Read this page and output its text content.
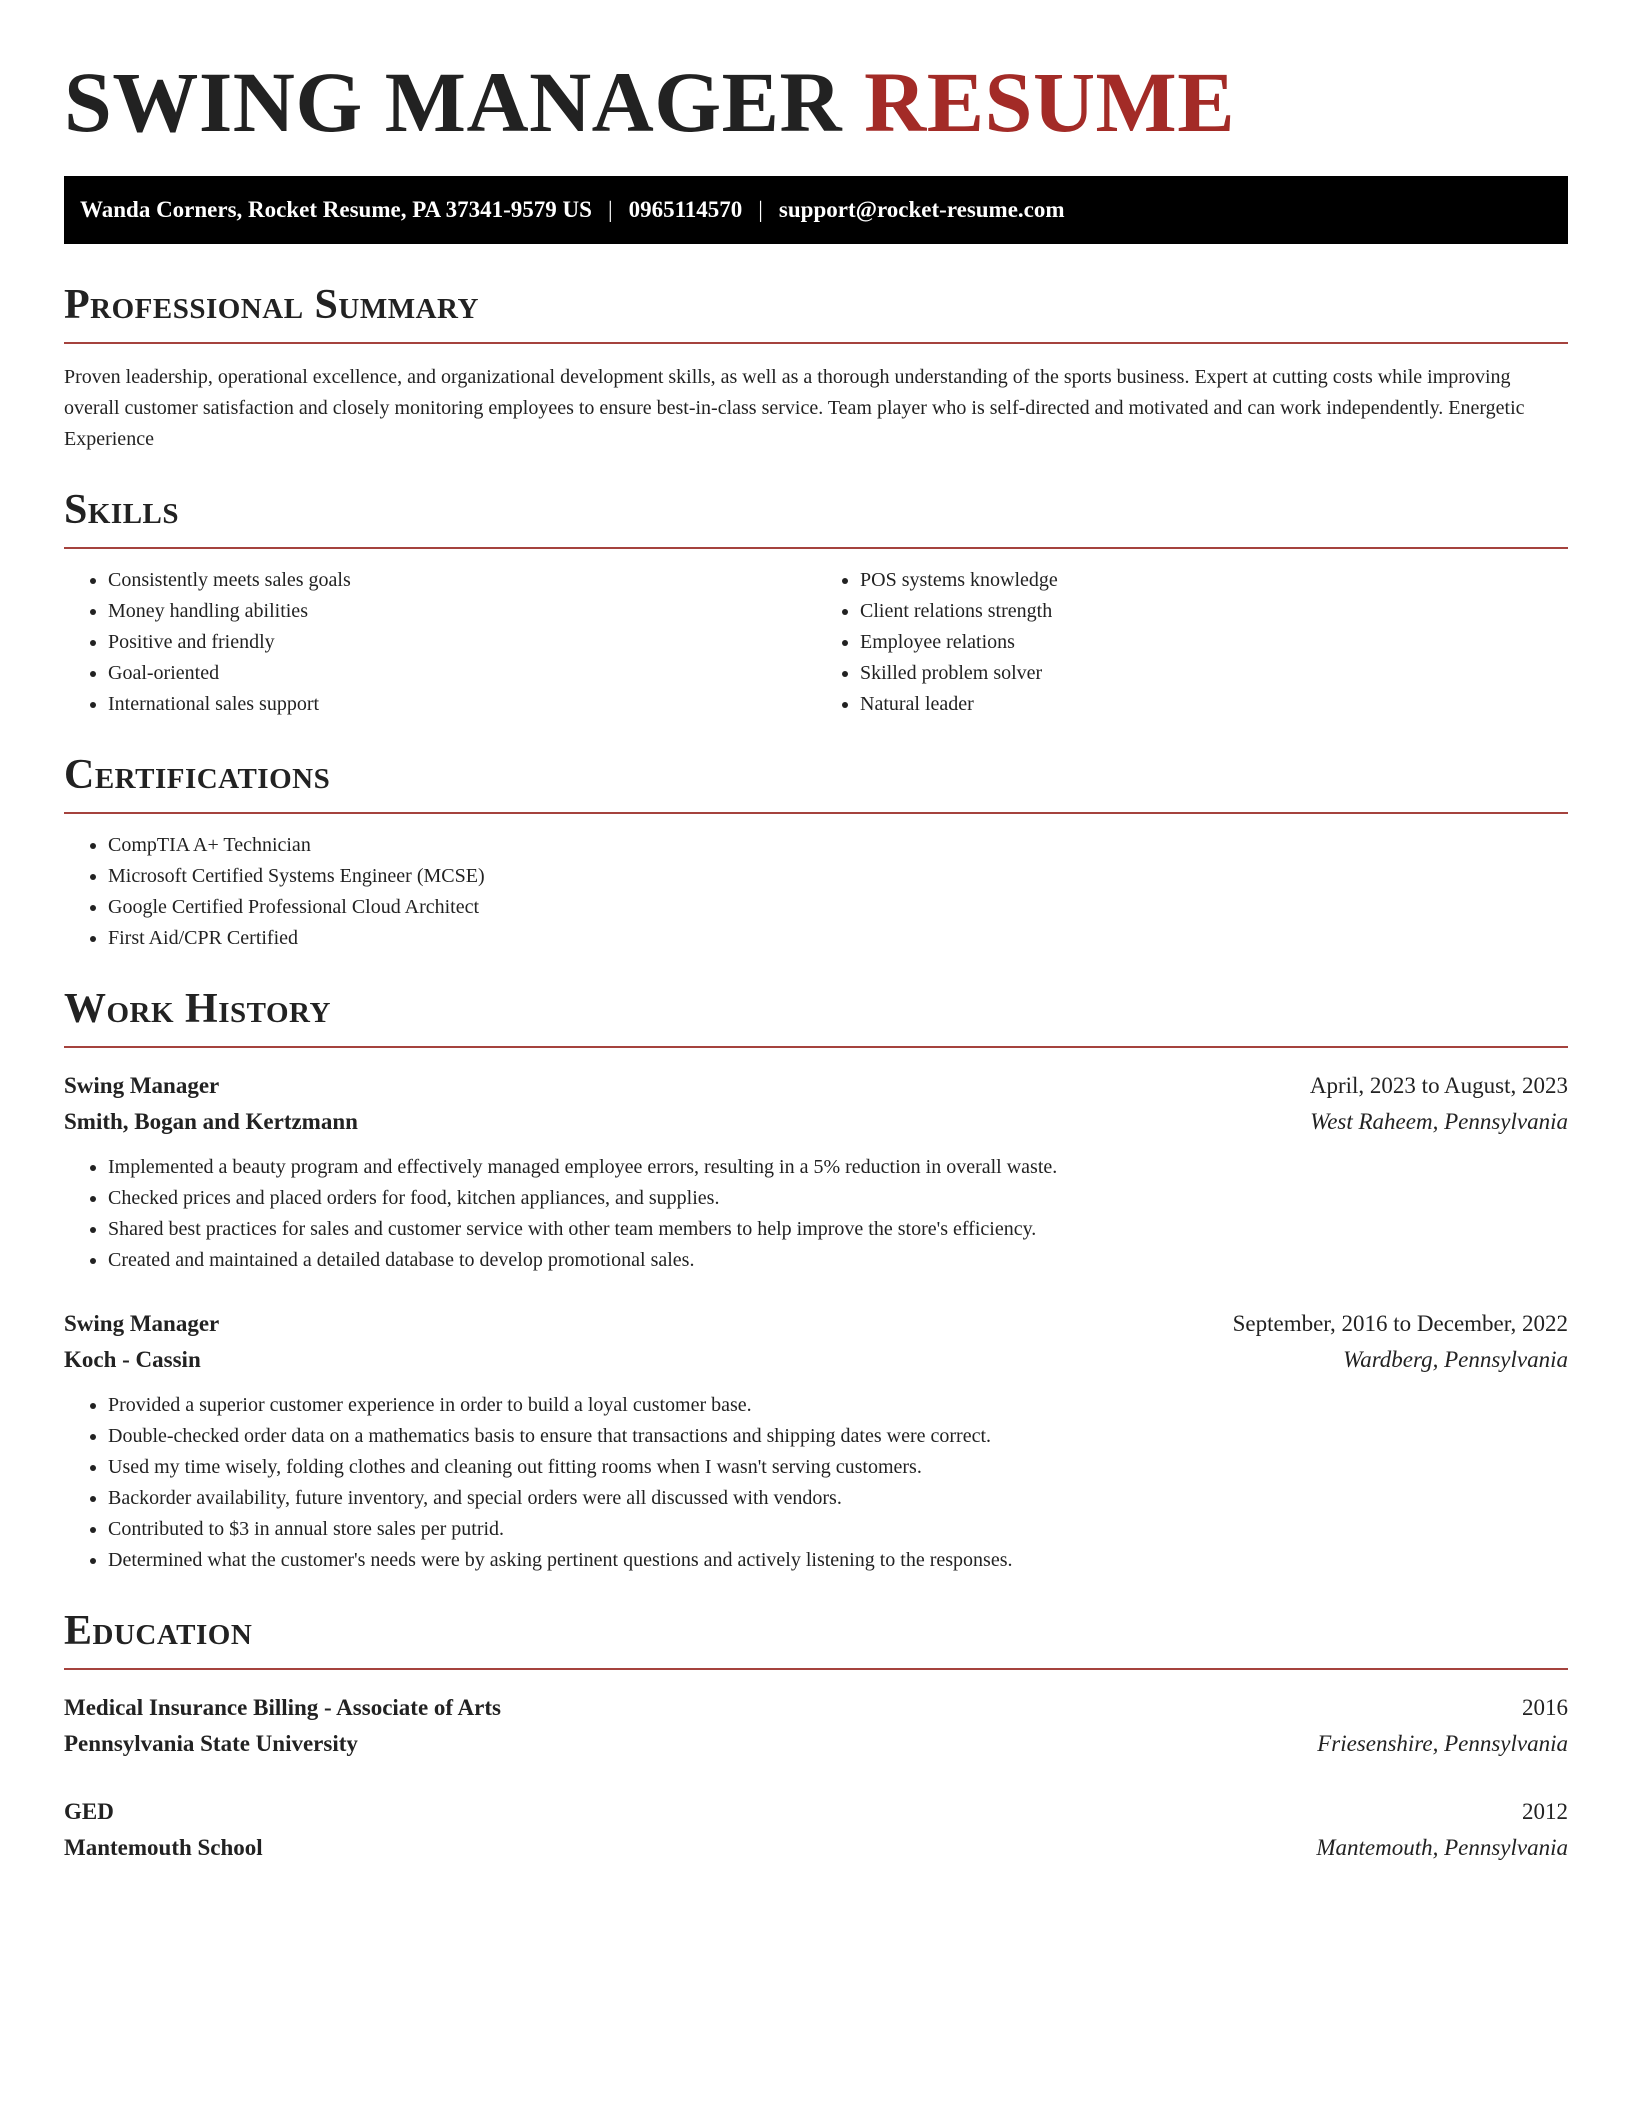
SWING MANAGER RESUME
Wanda Corners, Rocket Resume, PA 37341-9579 US | 0965114570 | support@rocket-resume.com
Professional Summary

Proven leadership, operational excellence, and organizational development skills, as well as a thorough understanding of the sports business. Expert at cutting costs while improving overall customer satisfaction and closely monitoring employees to ensure best-in-class service. Team player who is self-directed and motivated and can work independently. Energetic Experience

Skills
• Consistently meets sales goals
• Money handling abilities
• Positive and friendly
• Goal-oriented
• International sales support
• POS systems knowledge
• Client relations strength
• Employee relations
• Skilled problem solver
• Natural leader
Certifications
• CompTIA A+ Technician
• Microsoft Certified Systems Engineer (MCSE)
• Google Certified Professional Cloud Architect
• First Aid/CPR Certified
Work History
Swing Manager	April, 2023 to August, 2023
Smith, Bogan and Kertzmann	West Raheem, Pennsylvania
• Implemented a beauty program and effectively managed employee errors, resulting in a 5% reduction in overall waste.
• Checked prices and placed orders for food, kitchen appliances, and supplies.
• Shared best practices for sales and customer service with other team members to help improve the store's efficiency.
• Created and maintained a detailed database to develop promotional sales.
Swing Manager	September, 2016 to December, 2022
Koch - Cassin	Wardberg, Pennsylvania
• Provided a superior customer experience in order to build a loyal customer base.
• Double-checked order data on a mathematics basis to ensure that transactions and shipping dates were correct.
• Used my time wisely, folding clothes and cleaning out fitting rooms when I wasn't serving customers.
• Backorder availability, future inventory, and special orders were all discussed with vendors.
• Contributed to $3 in annual store sales per putrid.
• Determined what the customer's needs were by asking pertinent questions and actively listening to the responses.
Education
Medical Insurance Billing - Associate of Arts	2016
Pennsylvania State University	Friesenshire, Pennsylvania
GED	2012
Mantemouth School	Mantemouth, Pennsylvania
